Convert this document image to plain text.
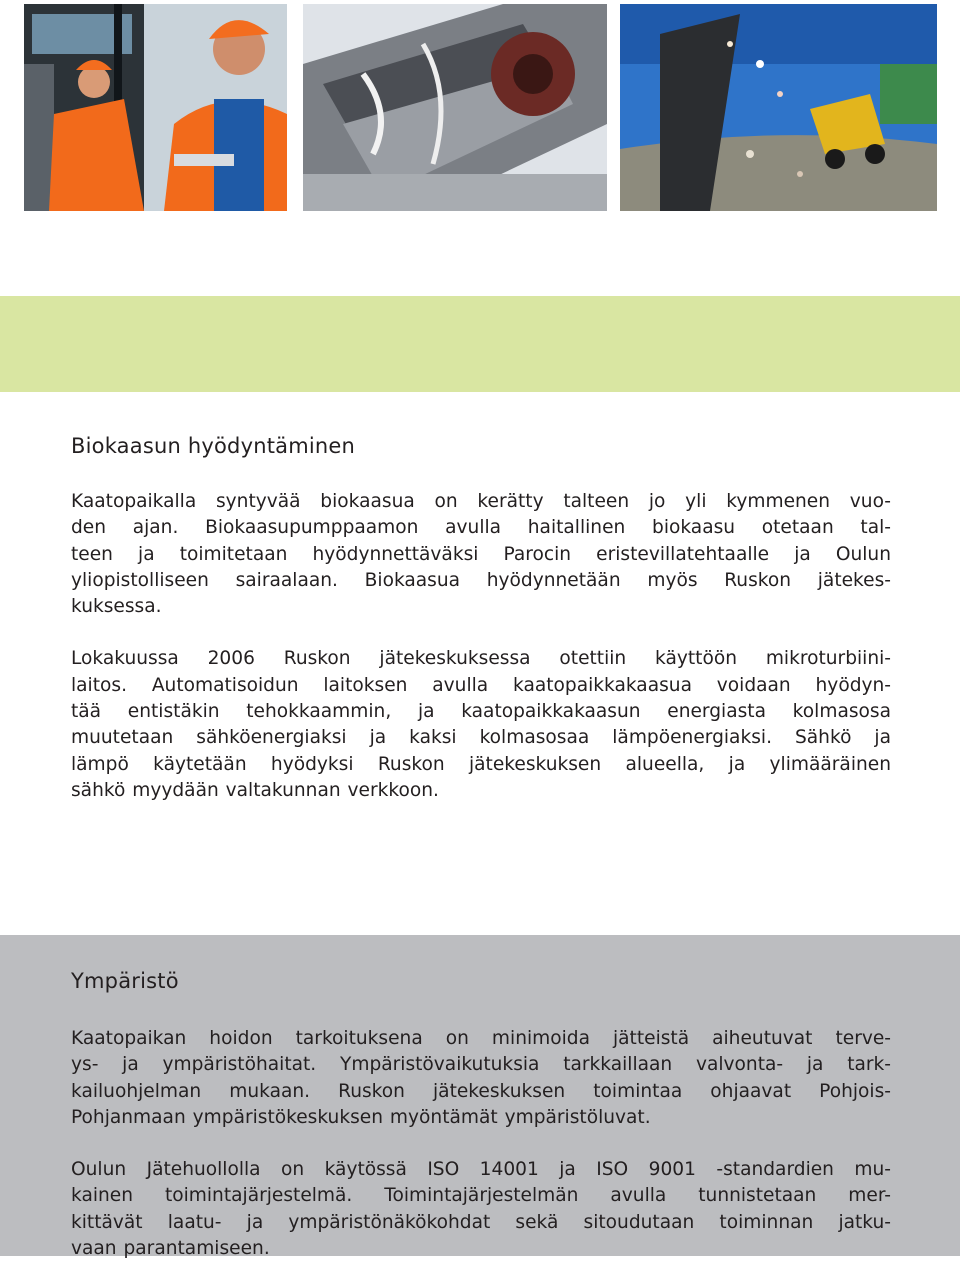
Biokaasun hyödyntäminen

Kaatopaikalla syntyvää biokaasua on kerätty talteen jo yli kymmenen vuo-
den ajan. Biokaasupumppaamon avulla haitallinen biokaasu otetaan tal-
teen ja toimitetaan hyödynnettäväksi Parocin eristevillatehtaalle ja Oulun
yliopistolliseen sairaalaan. Biokaasua hyödynnetään myös Ruskon jätekes-
kuksessa.

Lokakuussa 2006 Ruskon jätekeskuksessa otettiin käyttöön mikroturbiini-
laitos. Automatisoidun laitoksen avulla kaatopaikkakaasua voidaan hyödyn-
tää entistäkin tehokkaammin, ja kaatopaikkakaasun energiasta kolmasosa
muutetaan sähköenergiaksi ja kaksi kolmasosaa lämpöenergiaksi. Sähkö ja
lämpö käytetään hyödyksi Ruskon jätekeskuksen alueella, ja ylimääräinen
sähkö myydään valtakunnan verkkoon.

Ympäristö

Kaatopaikan hoidon tarkoituksena on minimoida jätteistä aiheutuvat terve-
ys- ja ympäristöhaitat. Ympäristövaikutuksia tarkkaillaan valvonta- ja tark-
kailuohjelman mukaan. Ruskon jätekeskuksen toimintaa ohjaavat Pohjois-
Pohjanmaan ympäristökeskuksen myöntämät ympäristöluvat.

Oulun Jätehuollolla on käytössä ISO 14001 ja ISO 9001 -standardien mu-
kainen toimintajärjestelmä. Toimintajärjestelmän avulla tunnistetaan mer-
kittävät laatu- ja ympäristönäkökohdat sekä sitoudutaan toiminnan jatku-
vaan parantamiseen.
